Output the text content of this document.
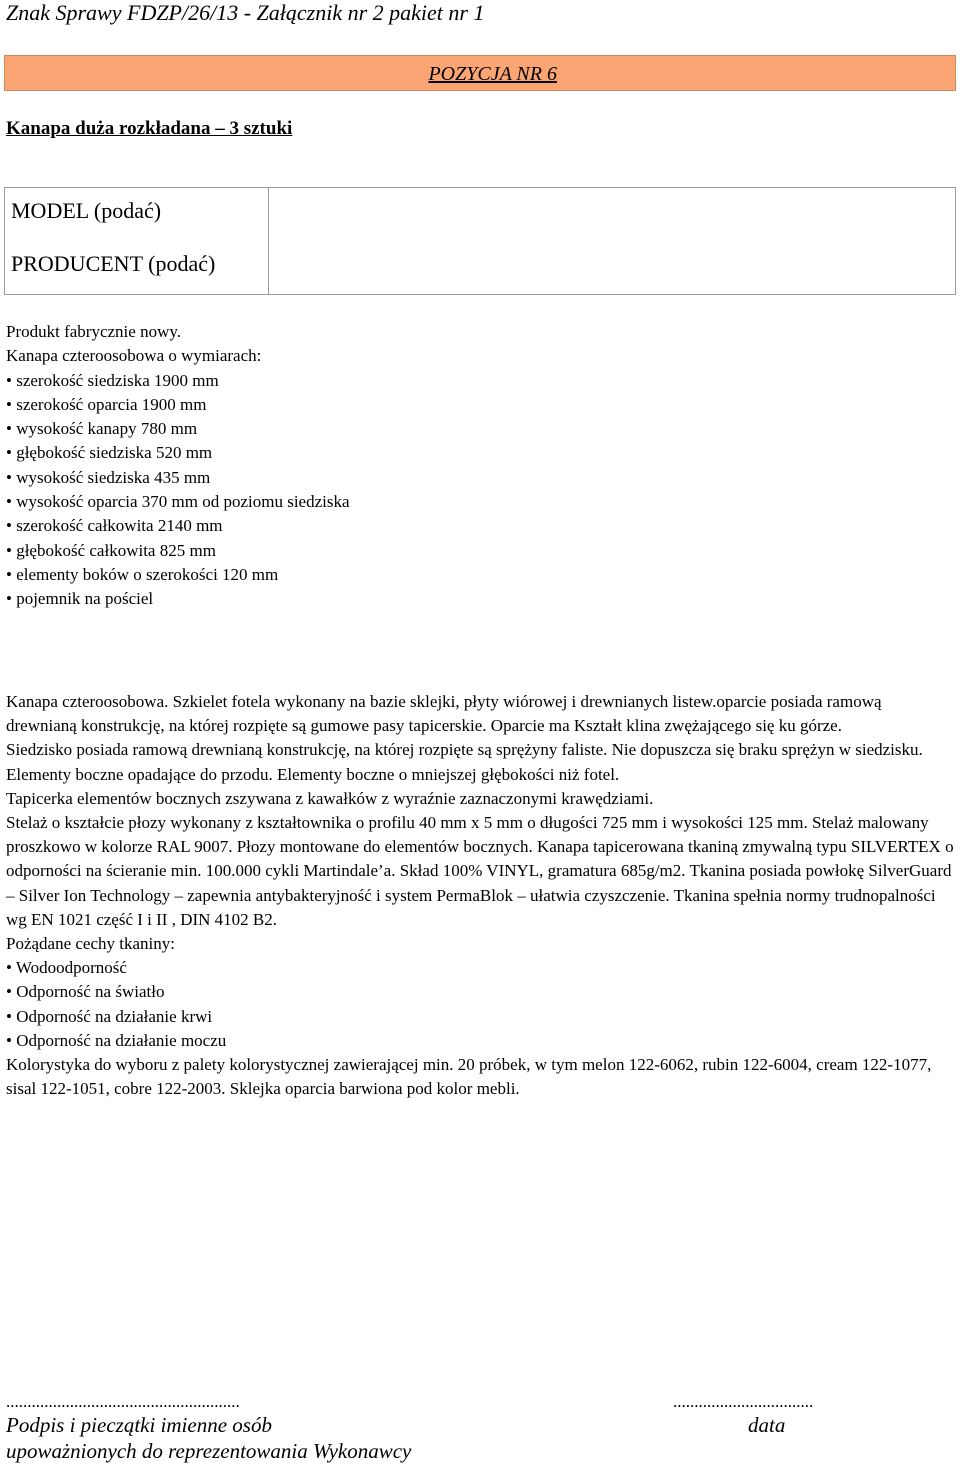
Znak Sprawy FDZP/26/13 - Załącznik nr 2 pakiet nr 1
POZYCJA NR 6
Kanapa duża rozkładana – 3 sztuki
MODEL (podać)
PRODUCENT (podać)
Produkt fabrycznie nowy.
Kanapa czteroosobowa o wymiarach:
• szerokość siedziska 1900 mm
• szerokość oparcia 1900 mm
• wysokość kanapy 780 mm
• głębokość siedziska 520 mm
• wysokość siedziska 435 mm
• wysokość oparcia 370 mm od poziomu siedziska
• szerokość całkowita 2140 mm
• głębokość całkowita 825 mm
• elementy boków o szerokości 120 mm
• pojemnik na pościel

Kanapa czteroosobowa. Szkielet fotela wykonany na bazie sklejki, płyty wiórowej i drewnianych listew.oparcie posiada ramową drewnianą konstrukcję, na której rozpięte są gumowe pasy tapicerskie. Oparcie ma Kształt klina zwężającego się ku górze.

Siedzisko posiada ramową drewnianą konstrukcję, na której rozpięte są sprężyny faliste. Nie dopuszcza się braku sprężyn w siedzisku.

Elementy boczne opadające do przodu. Elementy boczne o mniejszej głębokości niż fotel.

Tapicerka elementów bocznych zszywana z kawałków z wyraźnie zaznaczonymi krawędziami.

Stelaż o kształcie płozy wykonany z kształtownika o profilu 40 mm x 5 mm o długości 725 mm i wysokości 125 mm. Stelaż malowany proszkowo w kolorze RAL 9007. Płozy montowane do elementów bocznych. Kanapa tapicerowana tkaniną zmywalną typu SILVERTEX o odporności na ścieranie min. 100.000 cykli Martindale’a. Skład 100% VINYL, gramatura 685g/m2. Tkanina posiada powłokę SilverGuard – Silver Ion Technology – zapewnia antybakteryjność i system PermaBlok – ułatwia czyszczenie. Tkanina spełnia normy trudnopalności wg EN 1021 część I i II , DIN 4102 B2.

Pożądane cechy tkaniny:

• Wodoodporność

• Odporność na światło

• Odporność na działanie krwi

• Odporność na działanie moczu

Kolorystyka do wyboru z palety kolorystycznej zawierającej min. 20 próbek, w tym melon 122-6062, rubin 122-6004, cream 122-1077, sisal 122-1051, cobre 122-2003. Sklejka oparcia barwiona pod kolor mebli.

.......................................................	.................................
Podpis i pieczątki imienne osób
upoważnionych do reprezentowania Wykonawcy
data
